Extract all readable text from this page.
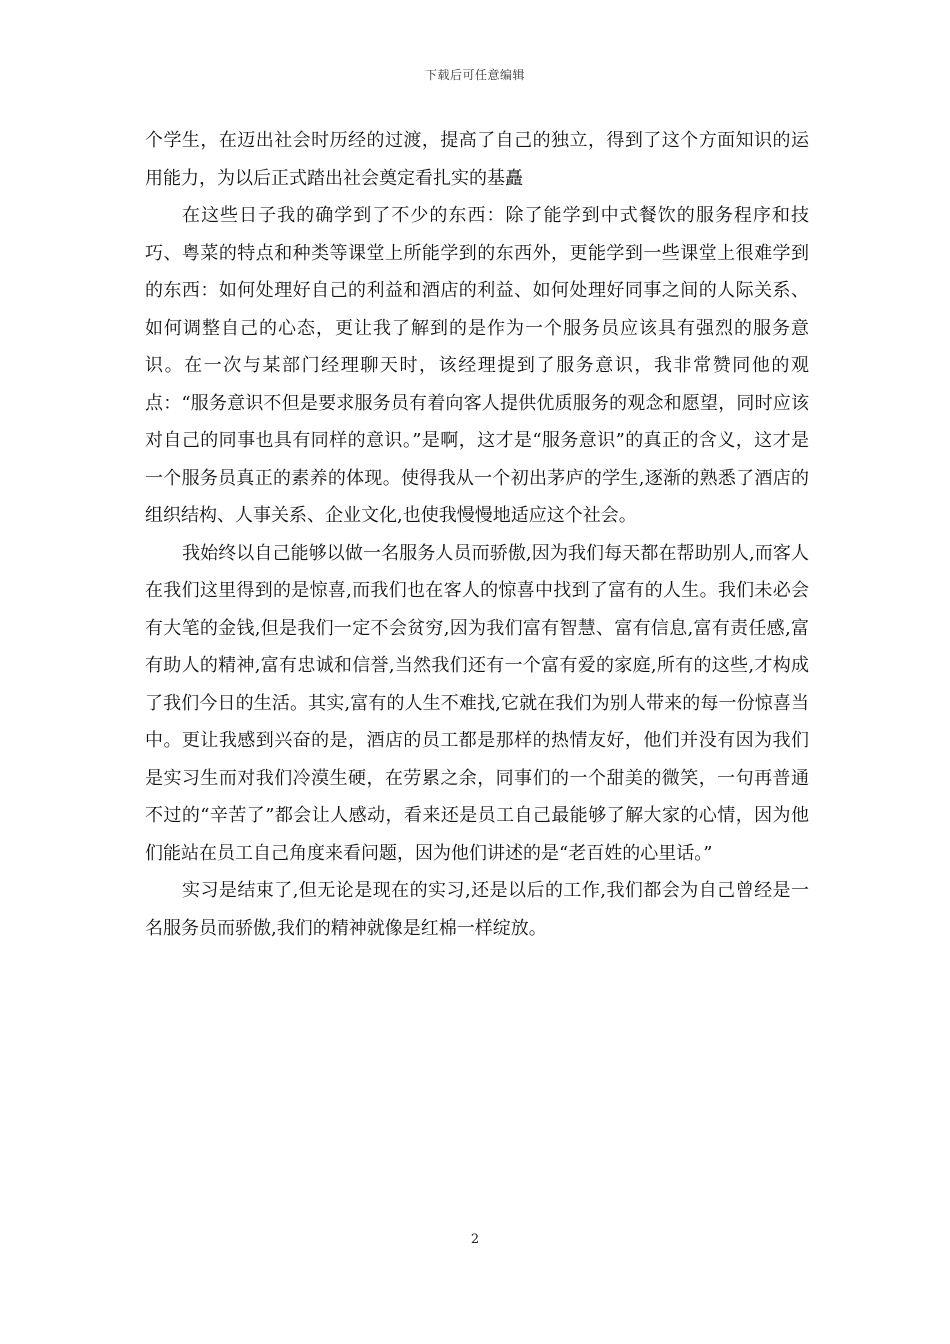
下载后可任意编辑

个学生，在迈出社会时历经的过渡，提高了自己的独立，得到了这个方面知识的运用能力，为以后正式踏出社会奠定看扎实的基矗

在这些日子我的确学到了不少的东西：除了能学到中式餐饮的服务程序和技巧、粤菜的特点和种类等课堂上所能学到的东西外，更能学到一些课堂上很难学到的东西：如何处理好自己的利益和酒店的利益、如何处理好同事之间的人际关系、如何调整自己的心态，更让我了解到的是作为一个服务员应该具有强烈的服务意识。在一次与某部门经理聊天时，该经理提到了服务意识，我非常赞同他的观点：“服务意识不但是要求服务员有着向客人提供优质服务的观念和愿望，同时应该对自己的同事也具有同样的意识。”是啊，这才是“服务意识”的真正的含义，这才是一个服务员真正的素养的体现。使得我从一个初出茅庐的学生,逐渐的熟悉了酒店的组织结构、人事关系、企业文化,也使我慢慢地适应这个社会。

我始终以自己能够以做一名服务人员而骄傲,因为我们每天都在帮助别人,而客人在我们这里得到的是惊喜,而我们也在客人的惊喜中找到了富有的人生。我们未必会有大笔的金钱,但是我们一定不会贫穷,因为我们富有智慧、富有信息,富有责任感,富有助人的精神,富有忠诚和信誉,当然我们还有一个富有爱的家庭,所有的这些,才构成了我们今日的生活。其实,富有的人生不难找,它就在我们为别人带来的每一份惊喜当中。更让我感到兴奋的是，酒店的员工都是那样的热情友好，他们并没有因为我们是实习生而对我们冷漠生硬，在劳累之余，同事们的一个甜美的微笑，一句再普通不过的“辛苦了”都会让人感动，看来还是员工自己最能够了解大家的心情，因为他们能站在员工自己角度来看问题，因为他们讲述的是“老百姓的心里话。”

实习是结束了,但无论是现在的实习,还是以后的工作,我们都会为自己曾经是一名服务员而骄傲,我们的精神就像是红棉一样绽放。

2
